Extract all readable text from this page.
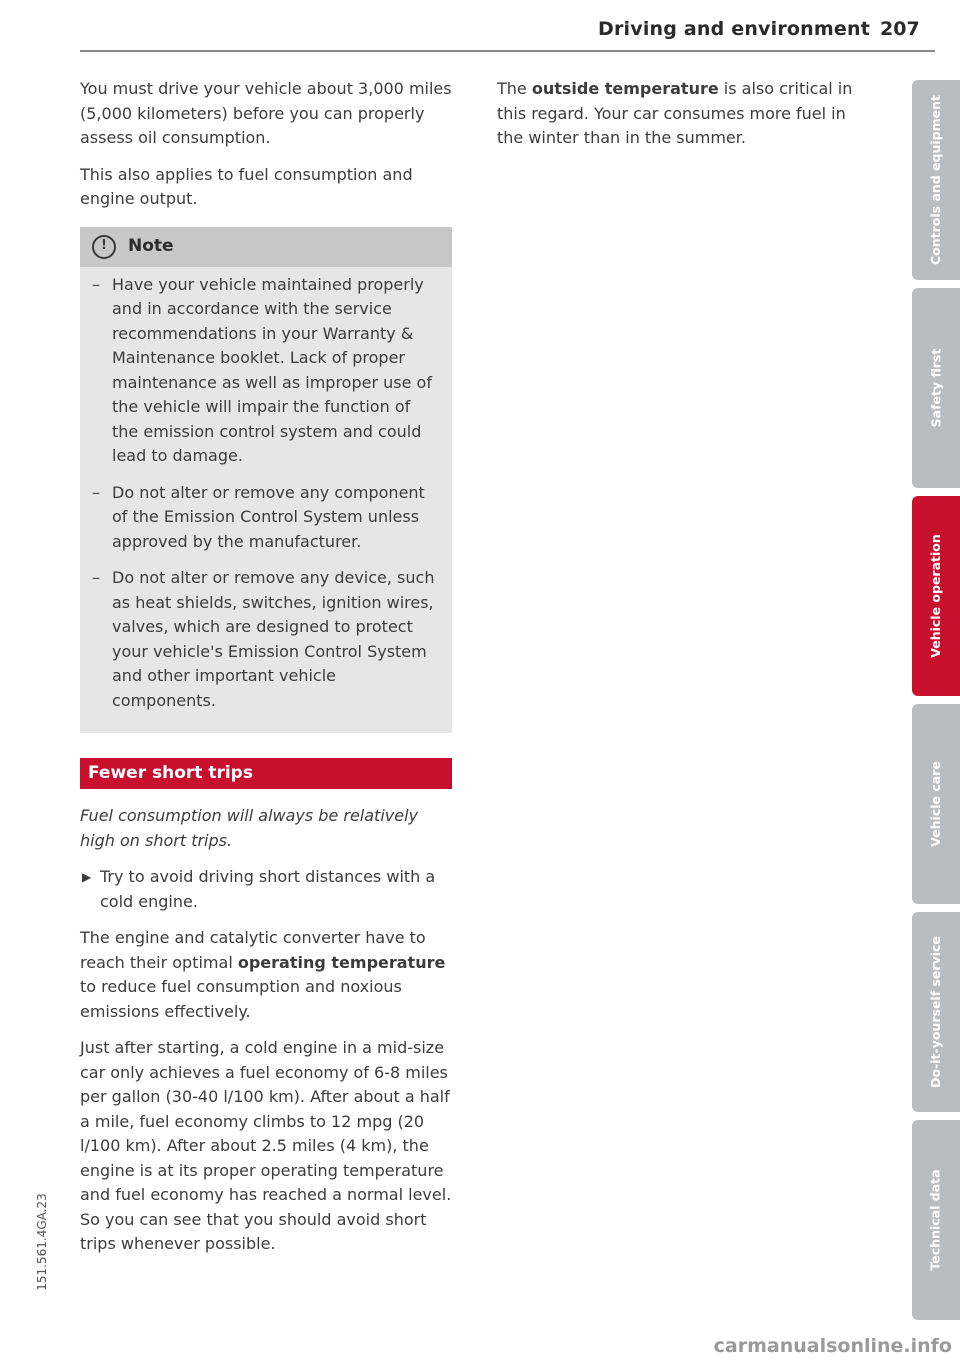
Driving and environment 207

You must drive your vehicle about 3,000 miles (5,000 kilometers) before you can properly assess oil consumption.

This also applies to fuel consumption and engine output.

!	Note

– Have your vehicle maintained properly and in accordance with the service recommendations in your Warranty & Maintenance booklet. Lack of proper maintenance as well as improper use of the vehicle will impair the function of the emission control system and could lead to damage.

– Do not alter or remove any component of the Emission Control System unless approved by the manufacturer.

– Do not alter or remove any device, such as heat shields, switches, ignition wires, valves, which are designed to protect your vehicle's Emission Control System and other important vehicle components.

Fewer short trips

Fuel consumption will always be relatively high on short trips.

▶ Try to avoid driving short distances with a cold engine.

The engine and catalytic converter have to reach their optimal operating temperature to reduce fuel consumption and noxious emissions effectively.

Just after starting, a cold engine in a mid-size car only achieves a fuel economy of 6-8 miles per gallon (30-40 l/100 km). After about a half a mile, fuel economy climbs to 12 mpg (20 l/100 km). After about 2.5 miles (4 km), the engine is at its proper operating temperature and fuel economy has reached a normal level. So you can see that you should avoid short trips whenever possible.

The outside temperature is also critical in this regard. Your car consumes more fuel in the winter than in the summer.	Controls and equipment
Safety first
Vehicle operation
Vehicle care
Do-it-yourself service
Technical data
151.561.4GA.23
carmanualsonline.info
